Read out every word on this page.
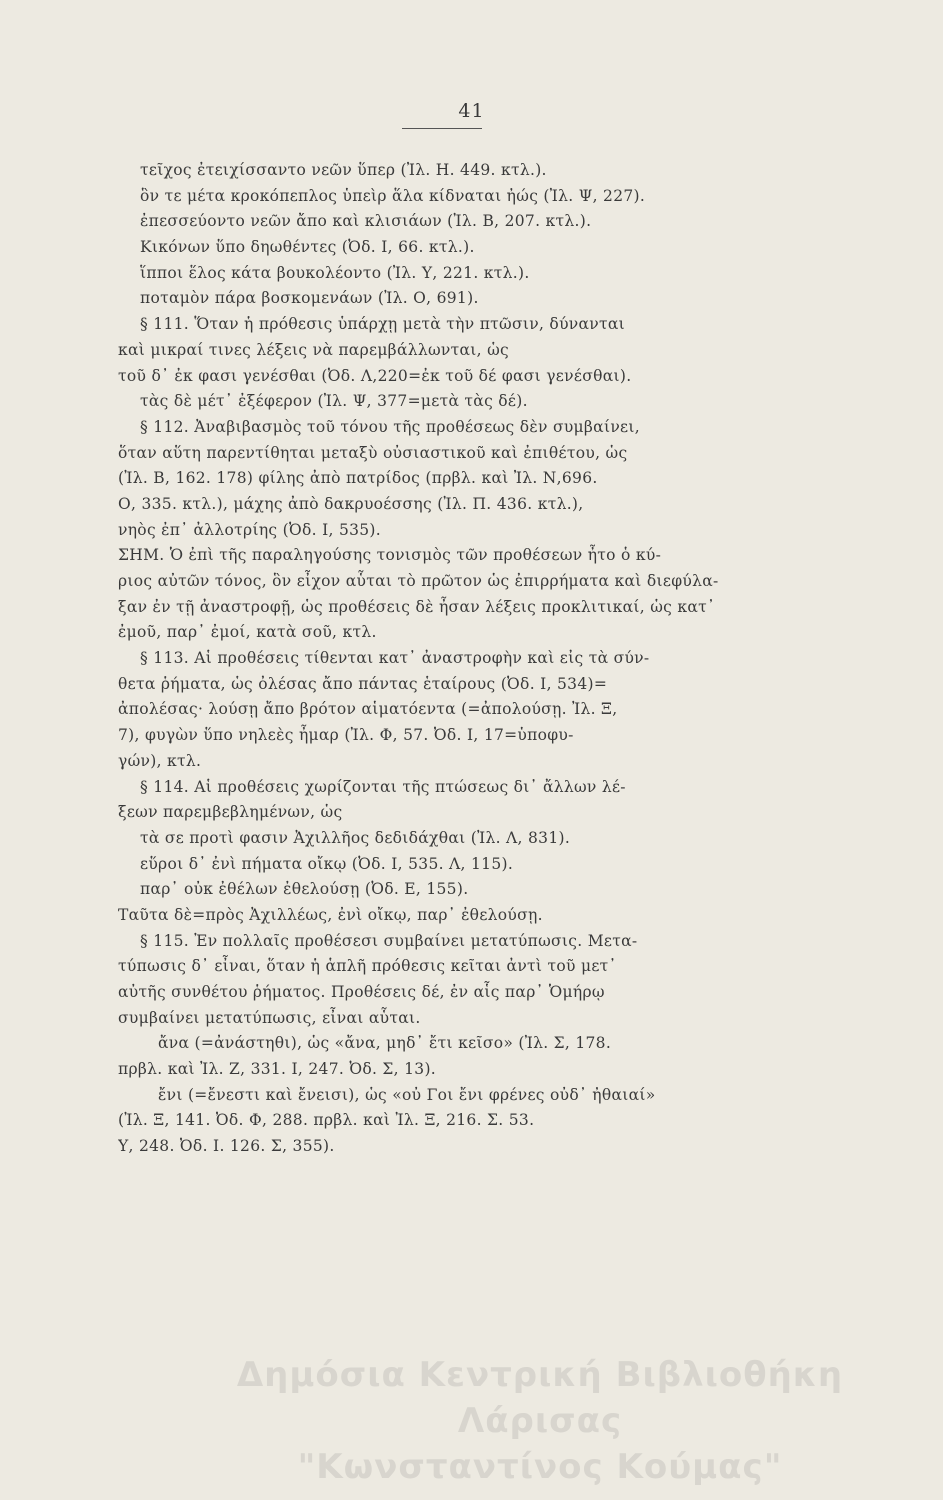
41
τεῖχος ἐτειχίσσαντο νεῶν ὕπερ (Ἰλ. Η. 449. κτλ.).
ὃν τε μέτα κροκόπεπλος ὑπεὶρ ἅλα κίδναται ἠώς (Ἰλ. Ψ, 227).
ἐπεσσεύοντο νεῶν ἄπο καὶ κλισιάων (Ἰλ. Β, 207. κτλ.).
Κικόνων ὕπο δηωθέντες (Ὀδ. Ι, 66. κτλ.).
ἵπποι ἕλος κάτα βουκολέοντο (Ἰλ. Υ, 221. κτλ.).
ποταμὸν πάρα βοσκομενάων (Ἰλ. Ο, 691).
§ 111. Ὅταν ἡ πρόθεσις ὑπάρχῃ μετὰ τὴν πτῶσιν, δύνανται
καὶ μικραί τινες λέξεις νὰ παρεμβάλλωνται, ὡς
τοῦ δ᾽ ἐκ φασι γενέσθαι (Ὀδ. Λ,220=ἐκ τοῦ δέ φασι γενέσθαι).
τὰς δὲ μέτ᾽ ἐξέφερον (Ἰλ. Ψ, 377=μετὰ τὰς δέ).
§ 112. Ἀναβιβασμὸς τοῦ τόνου τῆς προθέσεως δὲν συμβαίνει,
ὅταν αὕτη παρεντίθηται μεταξὺ οὐσιαστικοῦ καὶ ἐπιθέτου, ὡς
(Ἰλ. Β, 162. 178) φίλης ἀπὸ πατρίδος (πρβλ. καὶ Ἰλ. Ν,696.
Ο, 335. κτλ.), μάχης ἀπὸ δακρυοέσσης (Ἰλ. Π. 436. κτλ.),
νηὸς ἐπ᾽ ἀλλοτρίης (Ὀδ. Ι, 535).
ΣΗΜ. Ὁ ἐπὶ τῆς παραληγούσης τονισμὸς τῶν προθέσεων ἦτο ὁ κύ-
ριος αὐτῶν τόνος, ὃν εἶχον αὗται τὸ πρῶτον ὡς ἐπιρρήματα καὶ διεφύλα-
ξαν ἐν τῇ ἀναστροφῇ, ὡς προθέσεις δὲ ἦσαν λέξεις προκλιτικαί, ὡς κατ᾽
ἐμοῦ, παρ᾽ ἐμοί, κατὰ σοῦ, κτλ.
§ 113. Αἱ προθέσεις τίθενται κατ᾽ ἀναστροφὴν καὶ εἰς τὰ σύν-
θετα ῥήματα, ὡς ὀλέσας ἄπο πάντας ἑταίρους (Ὀδ. Ι, 534)=
ἀπολέσας· λούσῃ ἄπο βρότον αἱματόεντα (=ἀπολούσῃ. Ἰλ. Ξ,
7), φυγὼν ὕπο νηλεὲς ἦμαρ (Ἰλ. Φ, 57. Ὀδ. Ι, 17=ὑποφυ-
γών), κτλ.
§ 114. Αἱ προθέσεις χωρίζονται τῆς πτώσεως δι᾽ ἄλλων λέ-
ξεων παρεμβεβλημένων, ὡς
τὰ σε προτὶ φασιν Ἀχιλλῆος δεδιδάχθαι (Ἰλ. Λ, 831).
εὕροι δ᾽ ἐνὶ πήματα οἴκῳ (Ὀδ. Ι, 535. Λ, 115).
παρ᾽ οὐκ ἐθέλων ἐθελούσῃ (Ὀδ. Ε, 155).
Ταῦτα δὲ=πρὸς Ἀχιλλέως, ἐνὶ οἴκῳ, παρ᾽ ἐθελούσῃ.
§ 115. Ἐν πολλαῖς προθέσεσι συμβαίνει μετατύπωσις. Μετα-
τύπωσις δ᾽ εἶναι, ὅταν ἡ ἁπλῆ πρόθεσις κεῖται ἀντὶ τοῦ μετ᾽
αὐτῆς συνθέτου ῥήματος. Προθέσεις δέ, ἐν αἷς παρ᾽ Ὁμήρῳ
συμβαίνει μετατύπωσις, εἶναι αὗται.
ἄνα (=ἀνάστηθι), ὡς «ἄνα, μηδ᾽ ἔτι κεῖσο» (Ἰλ. Σ, 178.
πρβλ. καὶ Ἰλ. Ζ, 331. Ι, 247. Ὀδ. Σ, 13).
ἔνι (=ἔνεστι καὶ ἔνεισι), ὡς «οὐ Γοι ἔνι φρένες οὐδ᾽ ἠθαιαί»
(Ἰλ. Ξ, 141. Ὀδ. Φ, 288. πρβλ. καὶ Ἰλ. Ξ, 216. Σ. 53.
Υ, 248. Ὀδ. Ι. 126. Σ, 355).
Δημόσια Κεντρική Βιβλιοθήκη Λάρισας
"Κωνσταντίνος Κούμας"
